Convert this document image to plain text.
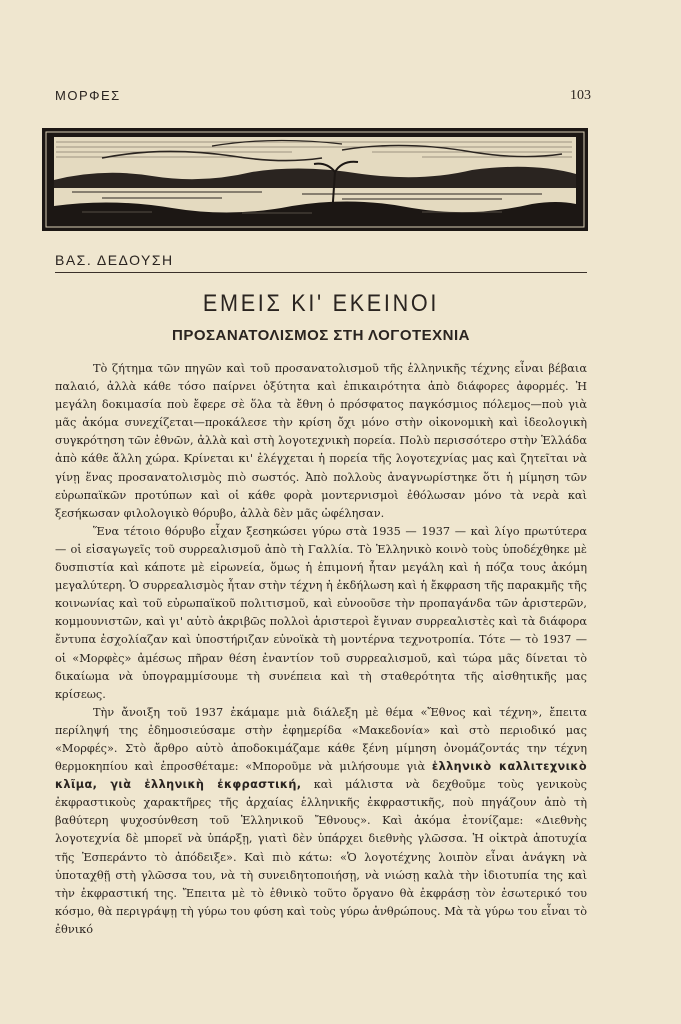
ΜΟΡΦΕΣ	103
ΒΑΣ. ΔΕΔΟΥΣΗ
ΕΜΕΙΣ ΚΙ' ΕΚΕΙΝΟΙ
ΠΡΟΣΑΝΑΤΟΛΙΣΜΟΣ ΣΤΗ ΛΟΓΟΤΕΧΝΙΑ

Τὸ ζήτημα τῶν πηγῶν καὶ τοῦ προσανατολισμοῦ τῆς ἑλληνικῆς τέχνης εἶναι βέβαια παλαιό, ἀλλὰ κάθε τόσο παίρνει ὀξύτητα καὶ ἐπικαιρότητα ἀπὸ διάφορες ἀφορμές. Ἡ μεγάλη δοκιμασία ποὺ ἔφερε σὲ ὅλα τὰ ἔθνη ὁ πρόσφατος παγκόσμιος πόλεμος—ποὺ γιὰ μᾶς ἀκόμα συνεχίζεται—προκάλεσε τὴν κρίση ὄχι μόνο στὴν οἰκονομικὴ καὶ ἰδεολογικὴ συγκρότηση τῶν ἐθνῶν, ἀλλὰ καὶ στὴ λογοτεχνικὴ πορεία. Πολὺ περισσότερο στὴν Ἑλλάδα ἀπὸ κάθε ἄλλη χώρα. Κρίνεται κι' ἐλέγχεται ἡ πορεία τῆς λογοτεχνίας μας καὶ ζητεῖται νὰ γίνῃ ἕνας προσανατολισμὸς πιὸ σωστός. Ἀπὸ πολλοὺς ἀναγνωρίστηκε ὅτι ἡ μίμηση τῶν εὐρωπαϊκῶν προτύπων καὶ οἱ κάθε φορὰ μοντερνισμοὶ ἐθόλωσαν μόνο τὰ νερὰ καὶ ξεσήκωσαν φιλολογικὸ θόρυβο, ἀλλὰ δὲν μᾶς ὠφέλησαν.

Ἕνα τέτοιο θόρυβο εἶχαν ξεσηκώσει γύρω στὰ 1935 — 1937 — καὶ λίγο πρωτύτερα — οἱ εἰσαγωγεῖς τοῦ συρρεαλισμοῦ ἀπὸ τὴ Γαλλία. Τὸ Ἑλληνικὸ κοινὸ τοὺς ὑποδέχθηκε μὲ δυσπιστία καὶ κάποτε μὲ εἰρωνεία, ὅμως ἡ ἐπιμονή ἦταν μεγάλη καὶ ἡ πόζα τους ἀκόμη μεγαλύτερη. Ὁ συρρεαλισμὸς ἦταν στὴν τέχνη ἡ ἐκδήλωση καὶ ἡ ἔκφραση τῆς παρακμῆς τῆς κοινωνίας καὶ τοῦ εὐρωπαϊκοῦ πολιτισμοῦ, καὶ εὐνοοῦσε τὴν προπαγάνδα τῶν ἀριστερῶν, κομμουνιστῶν, καὶ γι' αὐτὸ ἀκριβῶς πολλοὶ ἀριστεροὶ ἔγιναν συρρεαλιστὲς καὶ τὰ διάφορα ἔντυπα ἐσχολίαζαν καὶ ὑποστήριζαν εὐνοϊκὰ τὴ μοντέρνα τεχνοτροπία. Τότε — τὸ 1937 — οἱ «Μορφὲς» ἀμέσως πῆραν θέση ἐναντίον τοῦ συρρεαλισμοῦ, καὶ τώρα μᾶς δίνεται τὸ δικαίωμα νὰ ὑπογραμμίσουμε τὴ συνέπεια καὶ τὴ σταθερότητα τῆς αἰσθητικῆς μας κρίσεως.

Τὴν ἄνοιξη τοῦ 1937 ἐκάμαμε μιὰ διάλεξη μὲ θέμα «Ἔθνος καὶ τέχνη», ἔπειτα περίληψή της ἐδημοσιεύσαμε στὴν ἐφημερίδα «Μακεδονία» καὶ στὸ περιοδικό μας «Μορφές». Στὸ ἄρθρο αὐτὸ ἀποδοκιμάζαμε κάθε ξένη μίμηση ὀνομάζοντάς την τέχνη θερμοκηπίου καὶ ἐπροσθέταμε: «Μποροῦμε νὰ μιλήσουμε γιὰ ἑλληνικὸ καλλιτεχνικὸ κλῖμα, γιὰ ἑλληνικὴ ἐκφραστική, καὶ μάλιστα νὰ δεχθοῦμε τοὺς γενικοὺς ἐκφραστικοὺς χαρακτῆρες τῆς ἀρχαίας ἑλληνικῆς ἐκφραστικῆς, ποὺ πηγάζουν ἀπὸ τὴ βαθύτερη ψυχοσύνθεση τοῦ Ἑλληνικοῦ Ἔθνους». Καὶ ἀκόμα ἐτονίζαμε: «Διεθνὴς λογοτεχνία δὲ μπορεῖ νὰ ὑπάρξῃ, γιατὶ δὲν ὑπάρχει διεθνὴς γλῶσσα. Ἡ οἰκτρὰ ἀποτυχία τῆς Ἐσπεράντο τὸ ἀπόδειξε». Καὶ πιὸ κάτω: «Ὁ λογοτέχνης λοιπὸν εἶναι ἀνάγκη νὰ ὑποταχθῇ στὴ γλῶσσα του, νὰ τὴ συνειδητοποιήσῃ, νὰ νιώσῃ καλὰ τὴν ἰδιοτυπία της καὶ τὴν ἐκφραστική της. Ἔπειτα μὲ τὸ ἐθνικὸ τοῦτο ὄργανο θὰ ἐκφράσῃ τὸν ἐσωτερικό του κόσμο, θὰ περιγράψῃ τὴ γύρω του φύση καὶ τοὺς γύρω ἀνθρώπους. Μὰ τὰ γύρω του εἶναι τὸ ἐθνικό
